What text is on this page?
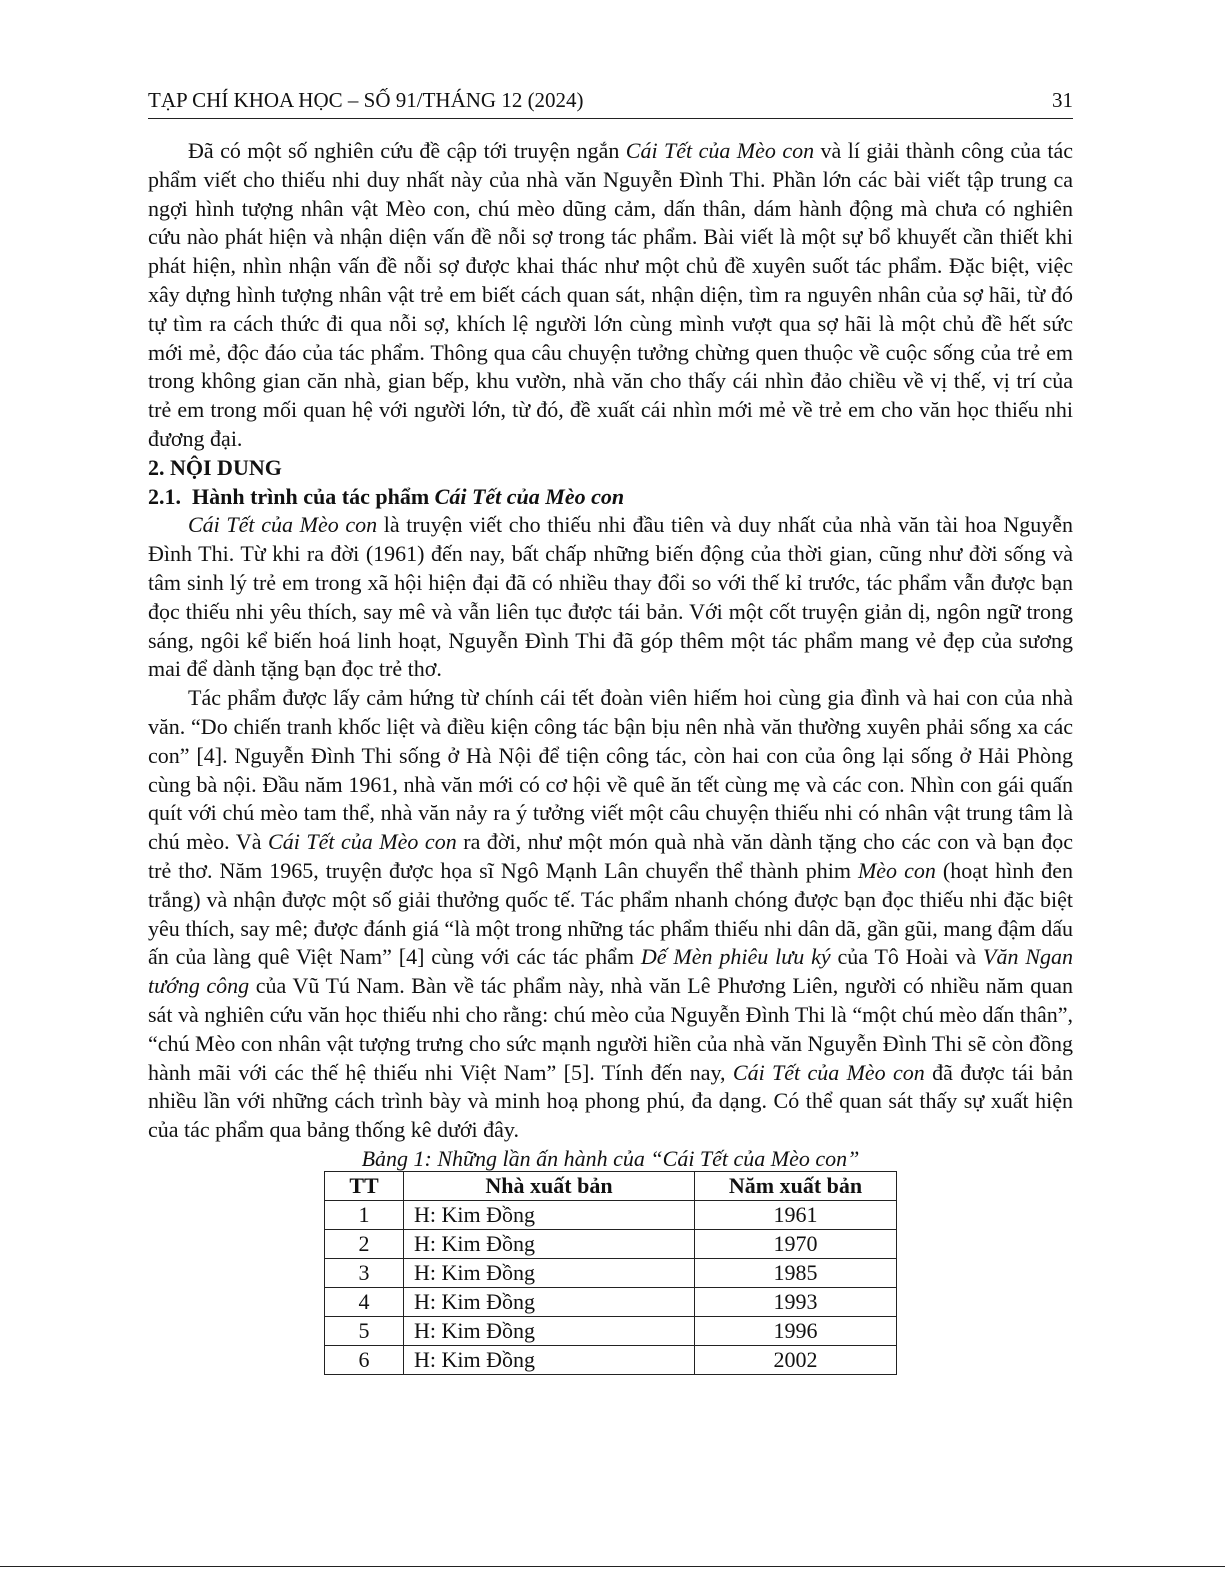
TẠP CHÍ KHOA HỌC – SỐ 91/THÁNG 12 (2024)	31

Đã có một số nghiên cứu đề cập tới truyện ngắn Cái Tết của Mèo con và lí giải thành công của tác phẩm viết cho thiếu nhi duy nhất này của nhà văn Nguyễn Đình Thi. Phần lớn các bài viết tập trung ca ngợi hình tượng nhân vật Mèo con, chú mèo dũng cảm, dấn thân, dám hành động mà chưa có nghiên cứu nào phát hiện và nhận diện vấn đề nỗi sợ trong tác phẩm. Bài viết là một sự bổ khuyết cần thiết khi phát hiện, nhìn nhận vấn đề nỗi sợ được khai thác như một chủ đề xuyên suốt tác phẩm. Đặc biệt, việc xây dựng hình tượng nhân vật trẻ em biết cách quan sát, nhận diện, tìm ra nguyên nhân của sợ hãi, từ đó tự tìm ra cách thức đi qua nỗi sợ, khích lệ người lớn cùng mình vượt qua sợ hãi là một chủ đề hết sức mới mẻ, độc đáo của tác phẩm. Thông qua câu chuyện tưởng chừng quen thuộc về cuộc sống của trẻ em trong không gian căn nhà, gian bếp, khu vườn, nhà văn cho thấy cái nhìn đảo chiều về vị thế, vị trí của trẻ em trong mối quan hệ với người lớn, từ đó, đề xuất cái nhìn mới mẻ về trẻ em cho văn học thiếu nhi đương đại.

2. NỘI DUNG
2.1. Hành trình của tác phẩm Cái Tết của Mèo con

Cái Tết của Mèo con là truyện viết cho thiếu nhi đầu tiên và duy nhất của nhà văn tài hoa Nguyễn Đình Thi. Từ khi ra đời (1961) đến nay, bất chấp những biến động của thời gian, cũng như đời sống và tâm sinh lý trẻ em trong xã hội hiện đại đã có nhiều thay đổi so với thế kỉ trước, tác phẩm vẫn được bạn đọc thiếu nhi yêu thích, say mê và vẫn liên tục được tái bản. Với một cốt truyện giản dị, ngôn ngữ trong sáng, ngôi kể biến hoá linh hoạt, Nguyễn Đình Thi đã góp thêm một tác phẩm mang vẻ đẹp của sương mai để dành tặng bạn đọc trẻ thơ.

Tác phẩm được lấy cảm hứng từ chính cái tết đoàn viên hiếm hoi cùng gia đình và hai con của nhà văn. “Do chiến tranh khốc liệt và điều kiện công tác bận bịu nên nhà văn thường xuyên phải sống xa các con” [4]. Nguyễn Đình Thi sống ở Hà Nội để tiện công tác, còn hai con của ông lại sống ở Hải Phòng cùng bà nội. Đầu năm 1961, nhà văn mới có cơ hội về quê ăn tết cùng mẹ và các con. Nhìn con gái quấn quít với chú mèo tam thể, nhà văn nảy ra ý tưởng viết một câu chuyện thiếu nhi có nhân vật trung tâm là chú mèo. Và Cái Tết của Mèo con ra đời, như một món quà nhà văn dành tặng cho các con và bạn đọc trẻ thơ. Năm 1965, truyện được họa sĩ Ngô Mạnh Lân chuyển thể thành phim Mèo con (hoạt hình đen trắng) và nhận được một số giải thưởng quốc tế. Tác phẩm nhanh chóng được bạn đọc thiếu nhi đặc biệt yêu thích, say mê; được đánh giá “là một trong những tác phẩm thiếu nhi dân dã, gần gũi, mang đậm dấu ấn của làng quê Việt Nam” [4] cùng với các tác phẩm Dế Mèn phiêu lưu ký của Tô Hoài và Văn Ngan tướng công của Vũ Tú Nam. Bàn về tác phẩm này, nhà văn Lê Phương Liên, người có nhiều năm quan sát và nghiên cứu văn học thiếu nhi cho rằng: chú mèo của Nguyễn Đình Thi là “một chú mèo dấn thân”, “chú Mèo con nhân vật tượng trưng cho sức mạnh người hiền của nhà văn Nguyễn Đình Thi sẽ còn đồng hành mãi với các thế hệ thiếu nhi Việt Nam” [5]. Tính đến nay, Cái Tết của Mèo con đã được tái bản nhiều lần với những cách trình bày và minh hoạ phong phú, đa dạng. Có thể quan sát thấy sự xuất hiện của tác phẩm qua bảng thống kê dưới đây.

Bảng 1: Những lần ấn hành của “Cái Tết của Mèo con”
TT	Nhà xuất bản	Năm xuất bản
1	H: Kim Đồng	1961
2	H: Kim Đồng	1970
3	H: Kim Đồng	1985
4	H: Kim Đồng	1993
5	H: Kim Đồng	1996
6	H: Kim Đồng	2002
